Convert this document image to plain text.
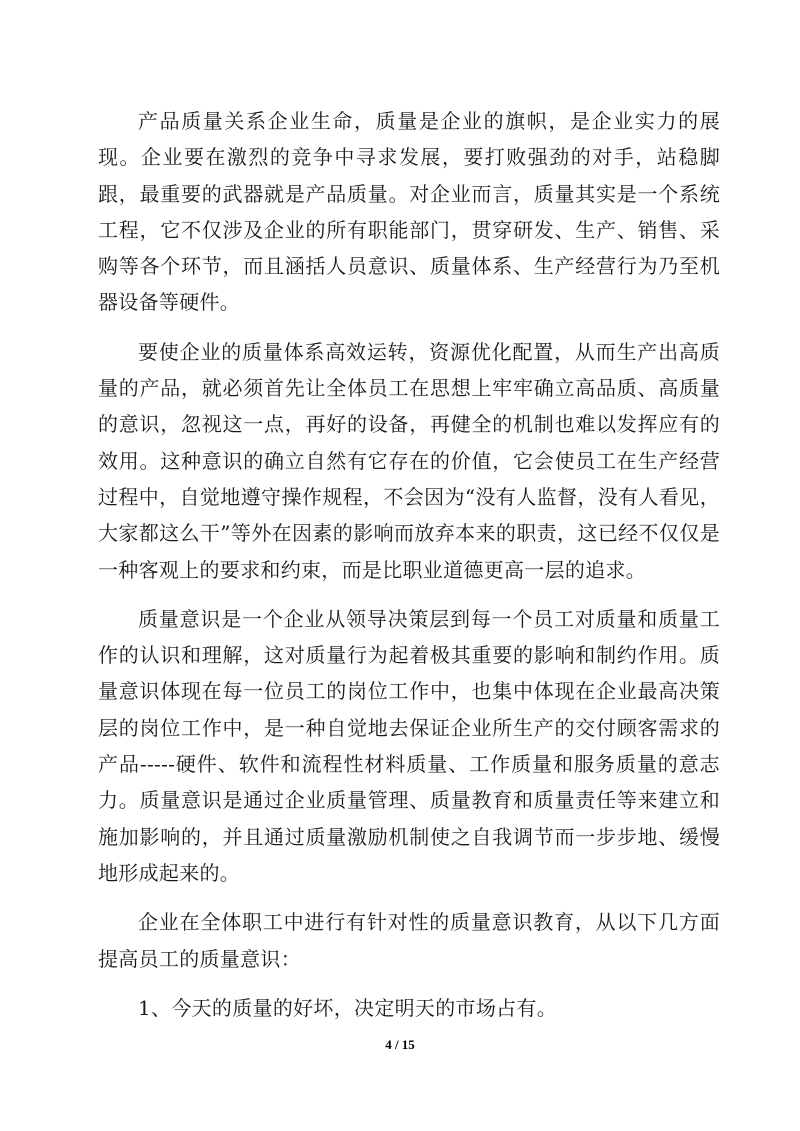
产品质量关系企业生命，质量是企业的旗帜，是企业实力的展现。企业要在激烈的竞争中寻求发展，要打败强劲的对手，站稳脚跟，最重要的武器就是产品质量。对企业而言，质量其实是一个系统工程，它不仅涉及企业的所有职能部门，贯穿研发、生产、销售、采购等各个环节，而且涵括人员意识、质量体系、生产经营行为乃至机器设备等硬件。

要使企业的质量体系高效运转，资源优化配置，从而生产出高质量的产品，就必须首先让全体员工在思想上牢牢确立高品质、高质量的意识，忽视这一点，再好的设备，再健全的机制也难以发挥应有的效用。这种意识的确立自然有它存在的价值，它会使员工在生产经营过程中，自觉地遵守操作规程，不会因为“没有人监督，没有人看见，大家都这么干”等外在因素的影响而放弃本来的职责，这已经不仅仅是一种客观上的要求和约束，而是比职业道德更高一层的追求。

质量意识是一个企业从领导决策层到每一个员工对质量和质量工作的认识和理解，这对质量行为起着极其重要的影响和制约作用。质量意识体现在每一位员工的岗位工作中，也集中体现在企业最高决策层的岗位工作中，是一种自觉地去保证企业所生产的交付顾客需求的产品-----硬件、软件和流程性材料质量、工作质量和服务质量的意志力。质量意识是通过企业质量管理、质量教育和质量责任等来建立和施加影响的，并且通过质量激励机制使之自我调节而一步步地、缓慢地形成起来的。

企业在全体职工中进行有针对性的质量意识教育，从以下几方面提高员工的质量意识：

1、今天的质量的好坏，决定明天的市场占有。

4 / 15
